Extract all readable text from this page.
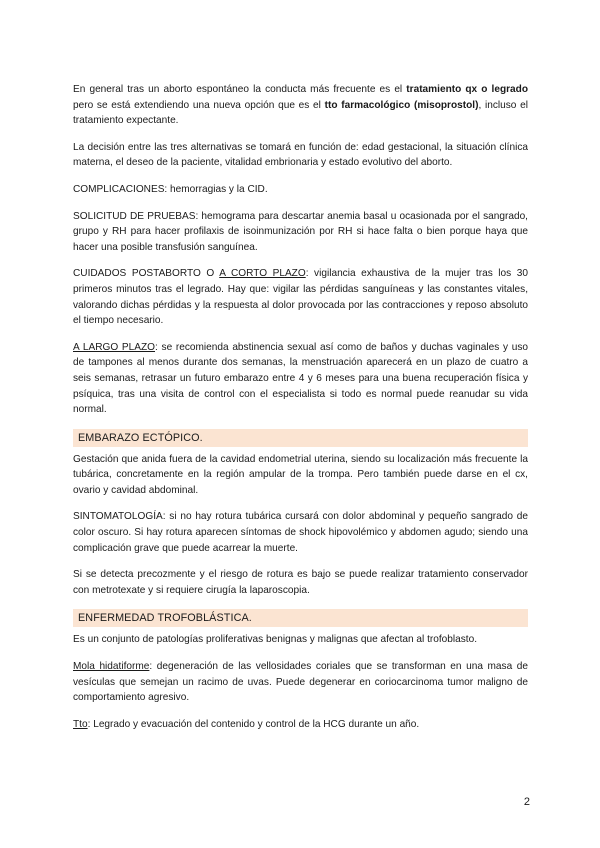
En general tras un aborto espontáneo la conducta más frecuente es el tratamiento qx o legrado pero se está extendiendo una nueva opción que es el tto farmacológico (misoprostol), incluso el tratamiento expectante.

La decisión entre las tres alternativas se tomará en función de: edad gestacional, la situación clínica materna, el deseo de la paciente, vitalidad embrionaria y estado evolutivo del aborto.

COMPLICACIONES: hemorragias y la CID.

SOLICITUD DE PRUEBAS: hemograma para descartar anemia basal u ocasionada por el sangrado, grupo y RH para hacer profilaxis de isoinmunización por RH si hace falta o bien porque haya que hacer una posible transfusión sanguínea.

CUIDADOS POSTABORTO O A CORTO PLAZO: vigilancia exhaustiva de la mujer tras los 30 primeros minutos tras el legrado. Hay que: vigilar las pérdidas sanguíneas y las constantes vitales, valorando dichas pérdidas y la respuesta al dolor provocada por las contracciones y reposo absoluto el tiempo necesario.

A LARGO PLAZO: se recomienda abstinencia sexual así como de baños y duchas vaginales y uso de tampones al menos durante dos semanas, la menstruación aparecerá en un plazo de cuatro a seis semanas, retrasar un futuro embarazo entre 4 y 6 meses para una buena recuperación física y psíquica, tras una visita de control con el especialista si todo es normal puede reanudar su vida normal.

EMBARAZO ECTÓPICO.

Gestación que anida fuera de la cavidad endometrial uterina, siendo su localización más frecuente la tubárica, concretamente en la región ampular de la trompa. Pero también puede darse en el cx, ovario y cavidad abdominal.

SINTOMATOLOGÍA: si no hay rotura tubárica cursará con dolor abdominal y pequeño sangrado de color oscuro. Si hay rotura aparecen síntomas de shock hipovolémico y abdomen agudo; siendo una complicación grave que puede acarrear la muerte.

Si se detecta precozmente y el riesgo de rotura es bajo se puede realizar tratamiento conservador con metrotexate y si requiere cirugía la laparoscopia.

ENFERMEDAD TROFOBLÁSTICA.

Es un conjunto de patologías proliferativas benignas y malignas que afectan al trofoblasto.

Mola hidatiforme: degeneración de las vellosidades coriales que se transforman en una masa de vesículas que semejan un racimo de uvas. Puede degenerar en coriocarcinoma tumor maligno de comportamiento agresivo.

Tto: Legrado y evacuación del contenido y control de la HCG durante un año.

2
